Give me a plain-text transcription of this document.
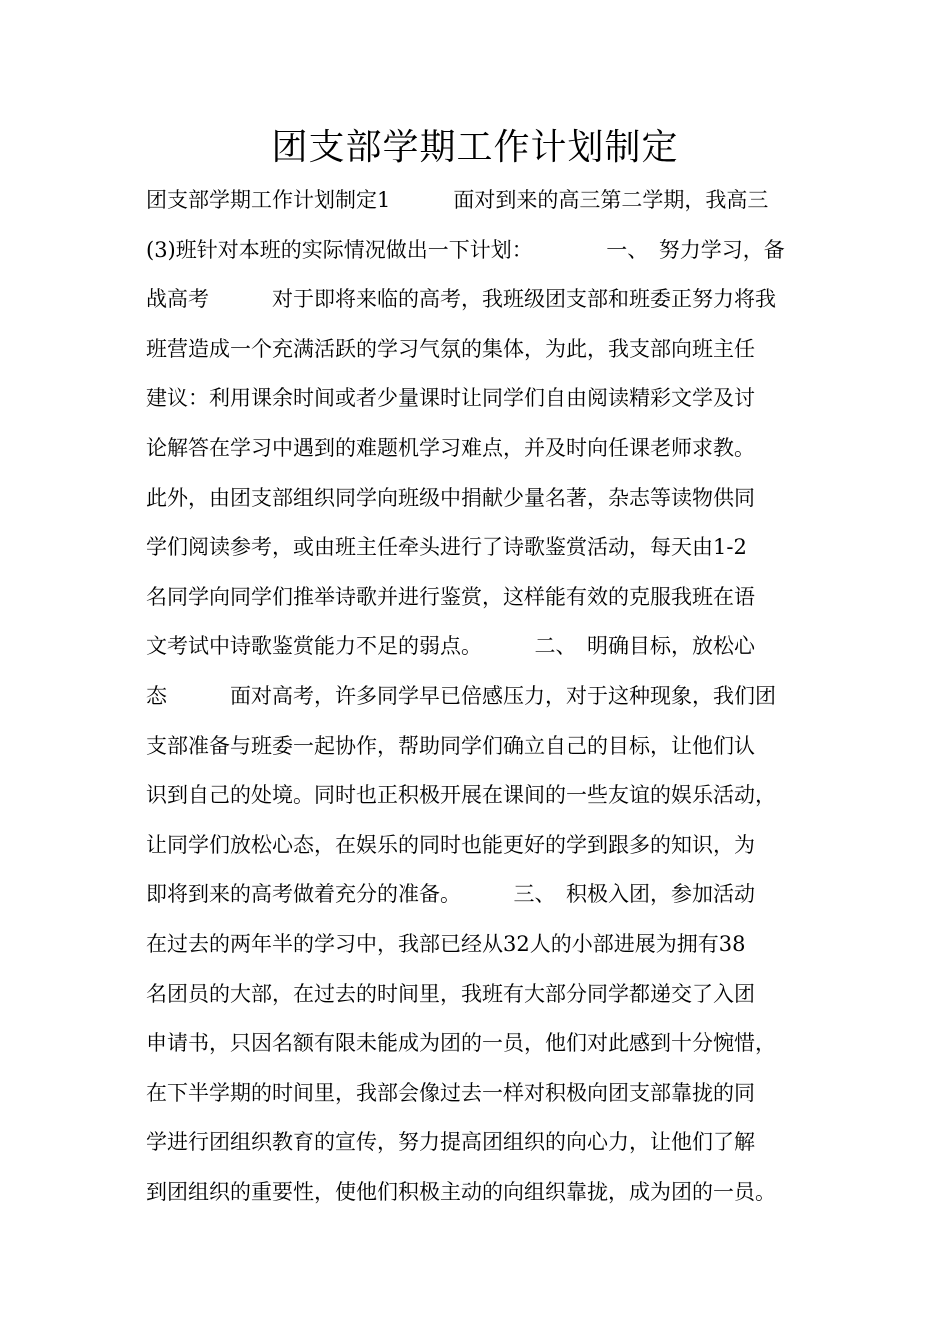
团支部学期工作计划制定
团支部学期工作计划制定1　　　面对到来的高三第二学期，我高三
(3)班针对本班的实际情况做出一下计划：　　　　一、　努力学习，备
战高考　　　对于即将来临的高考，我班级团支部和班委正努力将我
班营造成一个充满活跃的学习气氛的集体，为此，我支部向班主任
建议：利用课余时间或者少量课时让同学们自由阅读精彩文学及讨
论解答在学习中遇到的难题机学习难点，并及时向任课老师求教。
此外，由团支部组织同学向班级中捐献少量名著，杂志等读物供同
学们阅读参考，或由班主任牵头进行了诗歌鉴赏活动，每天由1-2
名同学向同学们推举诗歌并进行鉴赏，这样能有效的克服我班在语
文考试中诗歌鉴赏能力不足的弱点。　　　二、　明确目标，放松心
态　　　面对高考，许多同学早已倍感压力，对于这种现象，我们团
支部准备与班委一起协作，帮助同学们确立自己的目标，让他们认
识到自己的处境。同时也正积极开展在课间的一些友谊的娱乐活动，
让同学们放松心态，在娱乐的同时也能更好的学到跟多的知识，为
即将到来的高考做着充分的准备。　　　三、　积极入团，参加活动
在过去的两年半的学习中，我部已经从32人的小部进展为拥有38
名团员的大部，在过去的时间里，我班有大部分同学都递交了入团
申请书，只因名额有限未能成为团的一员，他们对此感到十分惋惜，
在下半学期的时间里，我部会像过去一样对积极向团支部靠拢的同
学进行团组织教育的宣传，努力提高团组织的向心力，让他们了解
到团组织的重要性，使他们积极主动的向组织靠拢，成为团的一员。
